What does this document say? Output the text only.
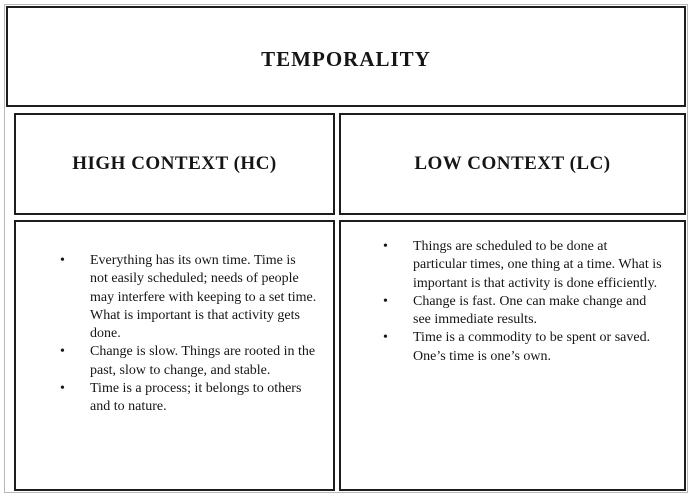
TEMPORALITY
HIGH CONTEXT (HC)	LOW CONTEXT (LC)
• Everything has its own time. Time is not easily scheduled; needs of people may interfere with keeping to a set time. What is important is that activity gets done.
• Change is slow. Things are rooted in the past, slow to change, and stable.
• Time is a process; it belongs to others and to nature.
• Things are scheduled to be done at particular times, one thing at a time. What is important is that activity is done efficiently.
• Change is fast. One can make change and see immediate results.
• Time is a commodity to be spent or saved. One’s time is one’s own.
